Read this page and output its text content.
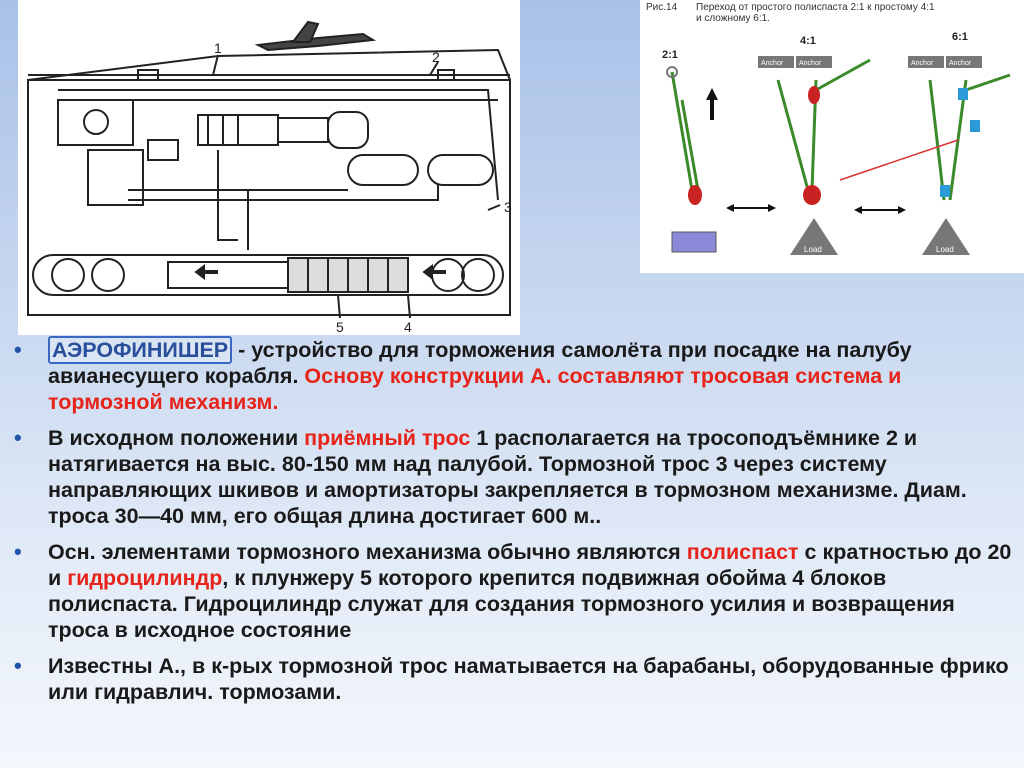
1
2
3
4
5
Рис.14 Переход от простого полиспаста 2:1 к простому 4:1
и сложному 6:1.
2:1
4:1	6:1
Anchor Anchor
Load
Anchor Anchor
Load
• АЭРОФИНИШЕР - устройство для торможения самолёта при посадке на палубу авианесущего корабля. Основу конструкции А. составляют тросовая система и тормозной механизм.
• В исходном положении приёмный трос 1 располагается на тросоподъёмнике 2 и натягивается на выс. 80-150 мм над палубой. Тормозной трос 3 через систему направляющих шкивов и амортизаторы закрепляется в тормозном механизме. Диам. троса 30—40 мм, его общая длина достигает 600 м..
• Осн. элементами тормозного механизма обычно являются полиспаст с кратностью до 20 и гидроцилиндр, к плунжеру 5 которого крепится подвижная обойма 4 блоков полиспаста. Гидроцилиндр служат для создания тормозного усилия и возвращения троса в исходное состояние
• Известны А., в к-рых тормозной трос наматывается на барабаны, оборудованные фрико или гидравлич. тормозами.
